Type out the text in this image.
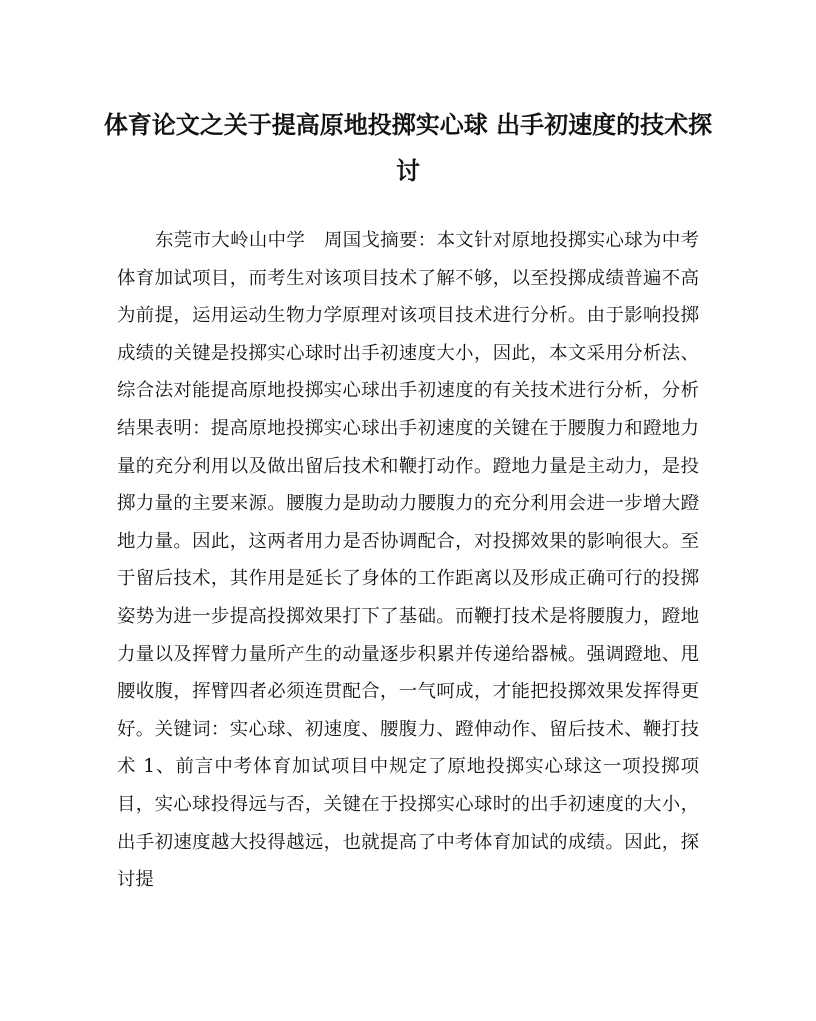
体育论文之关于提高原地投掷实心球 出手初速度的技术探讨
东莞市大岭山中学　周国戈摘要：本文针对原地投掷实心球为中考体育加试项目，而考生对该项目技术了解不够，以至投掷成绩普遍不高为前提，运用运动生物力学原理对该项目技术进行分析。由于影响投掷成绩的关键是投掷实心球时出手初速度大小，因此，本文采用分析法、综合法对能提高原地投掷实心球出手初速度的有关技术进行分析，分析结果表明：提高原地投掷实心球出手初速度的关键在于腰腹力和蹬地力量的充分利用以及做出留后技术和鞭打动作。蹬地力量是主动力，是投掷力量的主要来源。腰腹力是助动力腰腹力的充分利用会进一步增大蹬地力量。因此，这两者用力是否协调配合，对投掷效果的影响很大。至于留后技术，其作用是延长了身体的工作距离以及形成正确可行的投掷姿势为进一步提高投掷效果打下了基础。而鞭打技术是将腰腹力，蹬地力量以及挥臂力量所产生的动量逐步积累并传递给器械。强调蹬地、甩腰收腹，挥臂四者必须连贯配合，一气呵成，才能把投掷效果发挥得更好。关键词：实心球、初速度、腰腹力、蹬伸动作、留后技术、鞭打技术 1、前言中考体育加试项目中规定了原地投掷实心球这一项投掷项目，实心球投得远与否，关键在于投掷实心球时的出手初速度的大小，出手初速度越大投得越远，也就提高了中考体育加试的成绩。因此，探讨提
